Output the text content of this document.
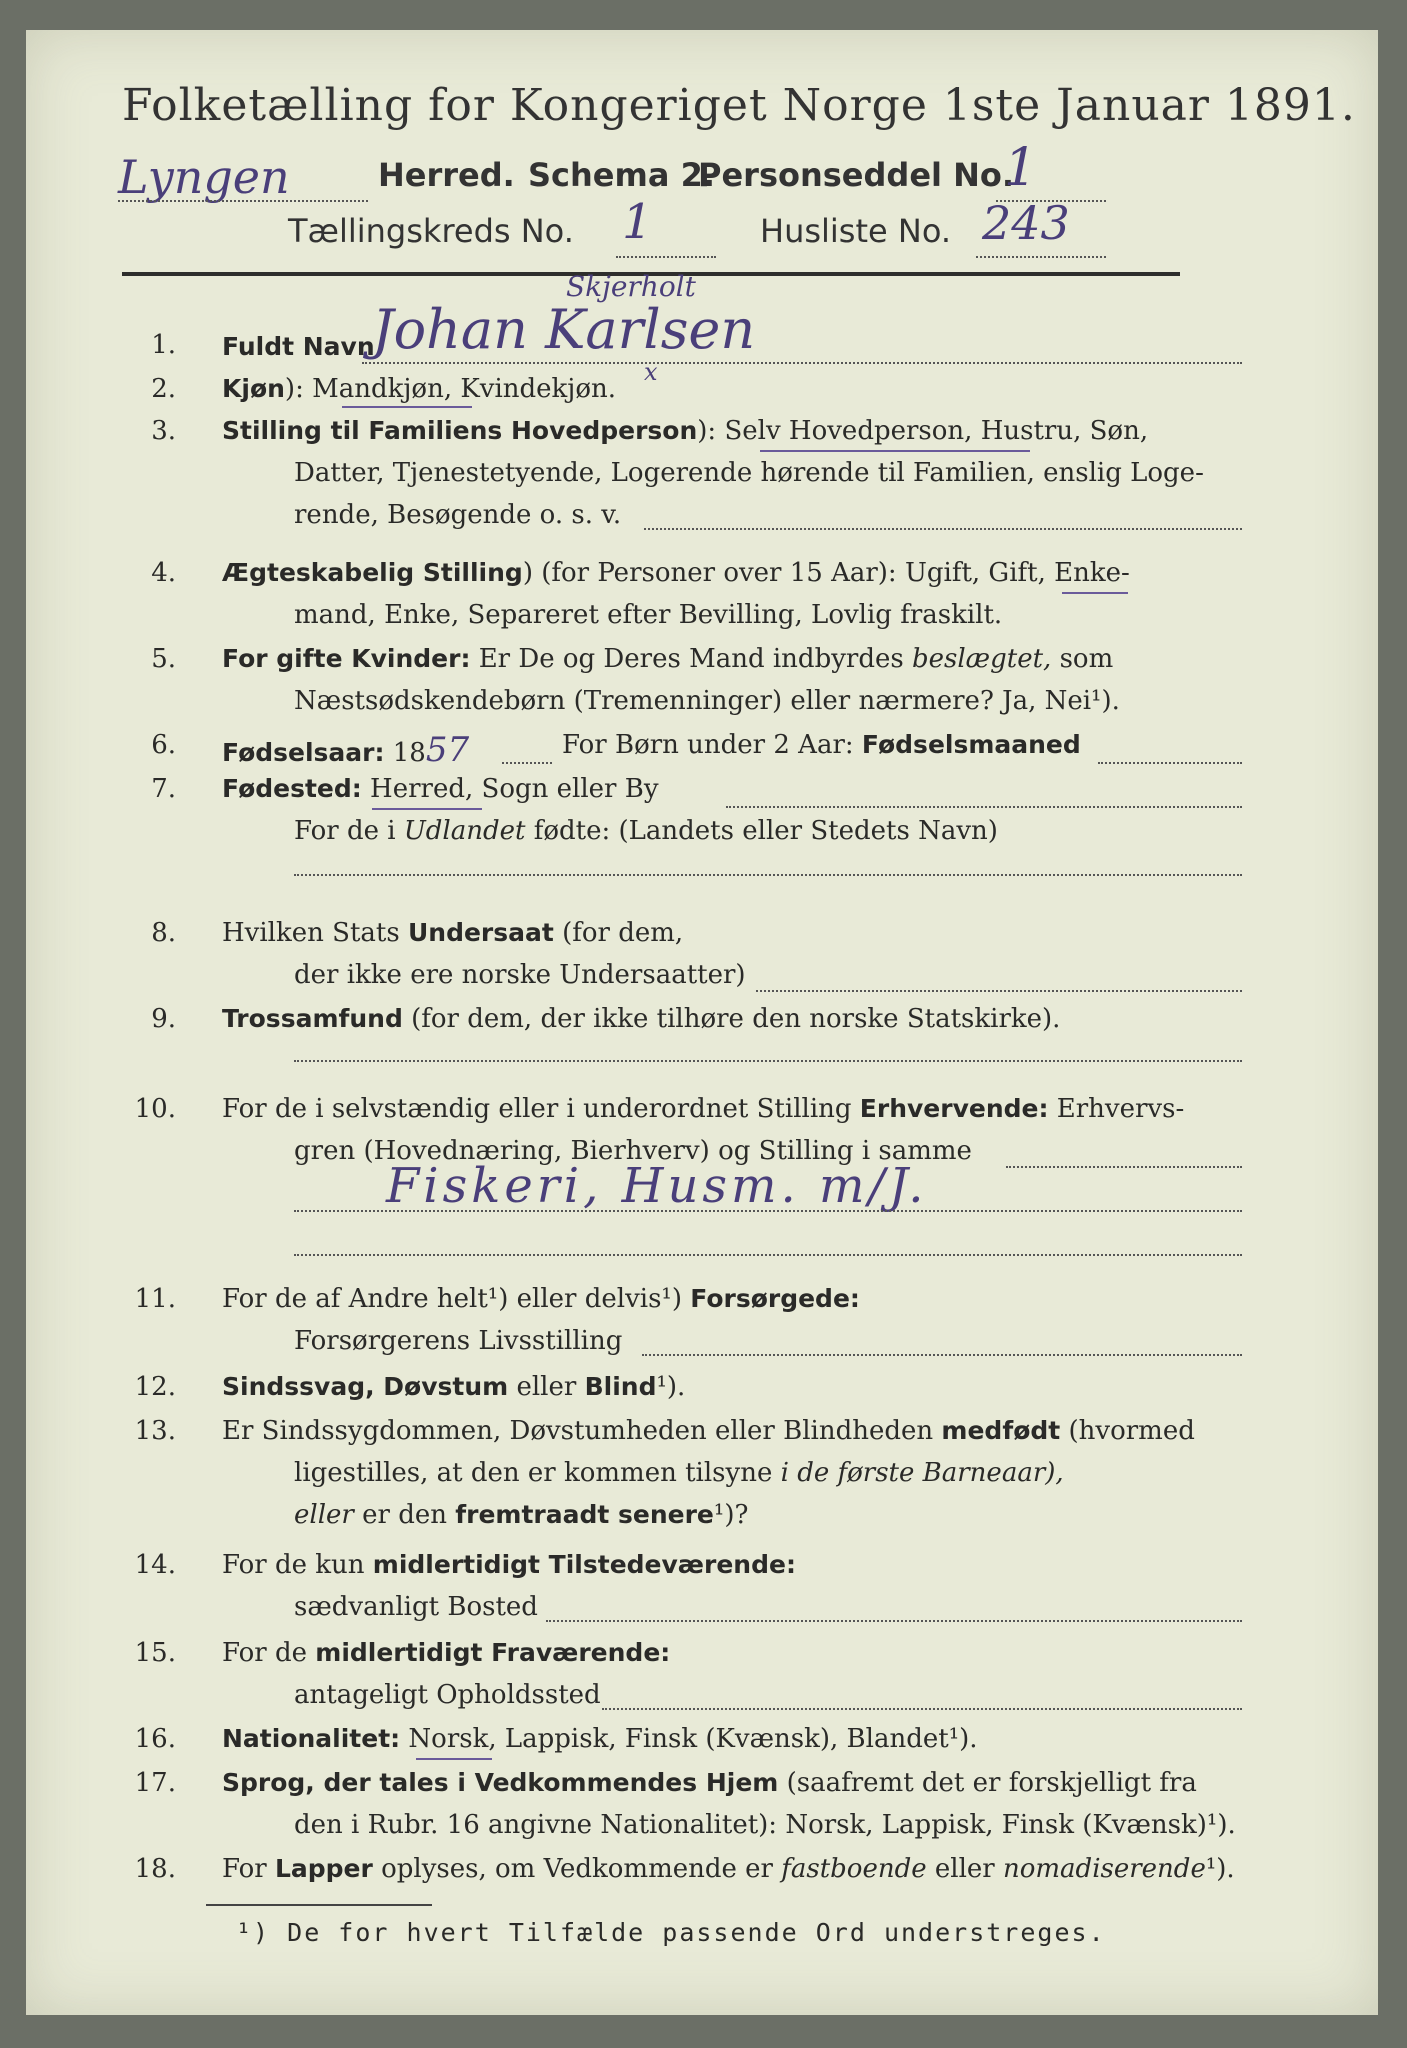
Folketælling for Kongeriget Norge 1ste Januar 1891.
Lyngen	Herred. Schema 2.
Personseddel No.
1
Tællingskreds No. 1	Husliste No. 243
Skjerholt
1. Fuldt Navn
Johan Karlsen
2. Kjøn): Mandkjøn, Kvindekjøn.
x
3. Stilling til Familiens Hovedperson): Selv Hovedperson, Hustru, Søn,
Datter, Tjenestetyende, Logerende hørende til Familien, enslig Loge-
rende, Besøgende o. s. v.
4. Ægteskabelig Stilling) (for Personer over 15 Aar): Ugift, Gift, Enke-
mand, Enke, Separeret efter Bevilling, Lovlig fraskilt.
5. For gifte Kvinder: Er De og Deres Mand indbyrdes beslægtet, som
Næstsødskendebørn (Tremenninger) eller nærmere? Ja, Nei¹).
6. Fødselsaar: 1857	For Børn under 2 Aar: Fødselsmaaned
7. Fødested: Herred, Sogn eller By
For de i Udlandet fødte: (Landets eller Stedets Navn)
8. Hvilken Stats Undersaat (for dem,
der ikke ere norske Undersaatter)
9. Trossamfund (for dem, der ikke tilhøre den norske Statskirke).
10. For de i selvstændig eller i underordnet Stilling Erhvervende: Erhvervs-
gren (Hovednæring, Bierhverv) og Stilling i samme
Fiskeri, Husm. m/J.
11. For de af Andre helt¹) eller delvis¹) Forsørgede:
Forsørgerens Livsstilling
12. Sindssvag, Døvstum eller Blind¹).
13. Er Sindssygdommen, Døvstumheden eller Blindheden medfødt (hvormed
ligestilles, at den er kommen tilsyne i de første Barneaar),
eller er den fremtraadt senere¹)?
14. For de kun midlertidigt Tilstedeværende:
sædvanligt Bosted
15. For de midlertidigt Fraværende:
antageligt Opholdssted
16. Nationalitet: Norsk, Lappisk, Finsk (Kvænsk), Blandet¹).
17. Sprog, der tales i Vedkommendes Hjem (saafremt det er forskjelligt fra
den i Rubr. 16 angivne Nationalitet): Norsk, Lappisk, Finsk (Kvænsk)¹).
18. For Lapper oplyses, om Vedkommende er fastboende eller nomadiserende¹).
¹) De for hvert Tilfælde passende Ord understreges.
